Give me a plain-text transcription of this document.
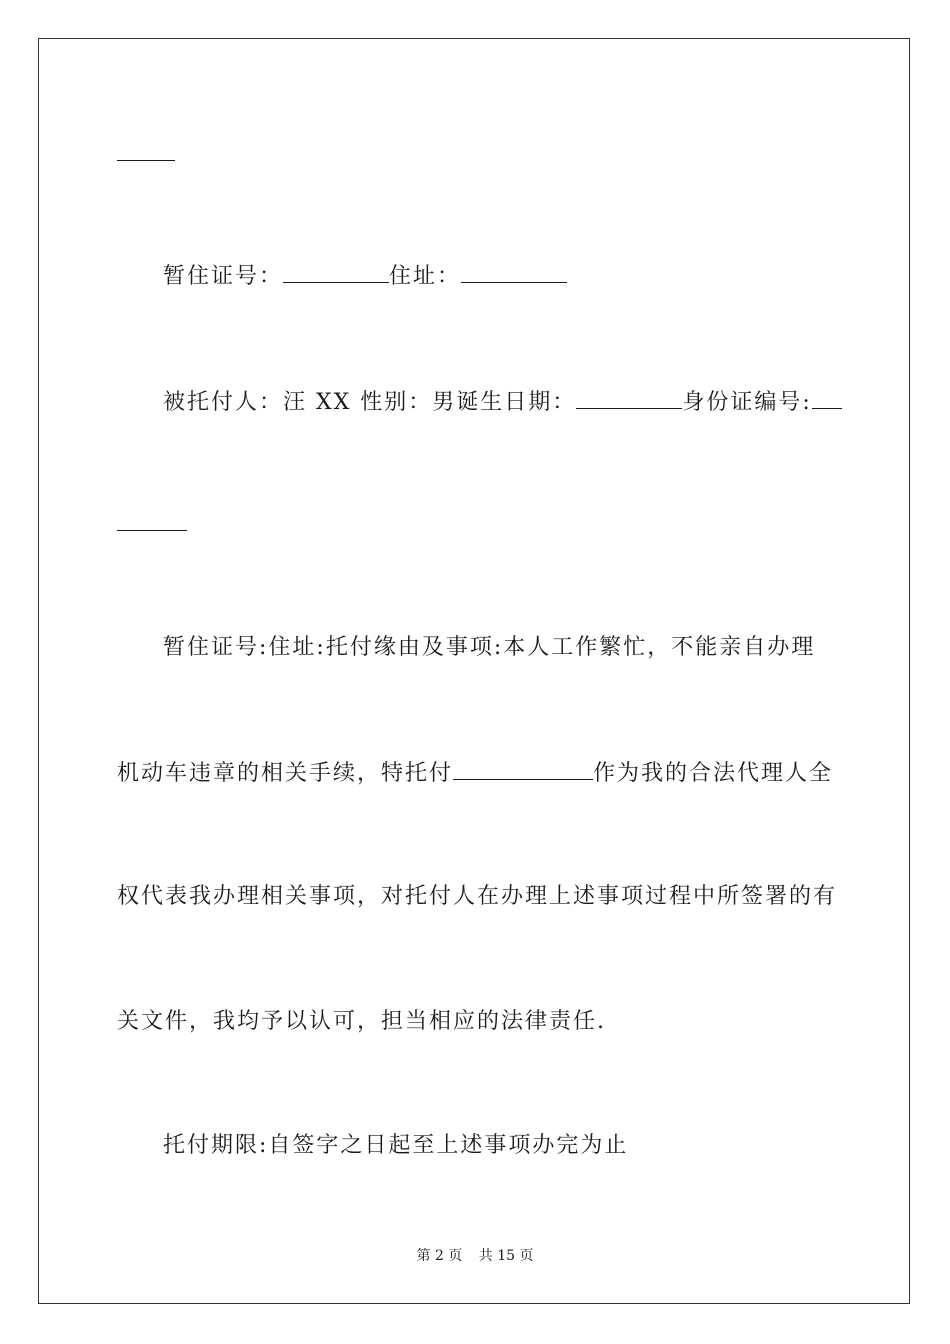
暂住证号：	住址：
被托付人：汪 XX 性别：男诞生日期：	身份证编号:
暂住证号:住址:托付缘由及事项:本人工作繁忙，不能亲自办理
机动车违章的相关手续，特托付	作为我的合法代理人全
权代表我办理相关事项，对托付人在办理上述事项过程中所签署的有
关文件，我均予以认可，担当相应的法律责任.
托付期限:自签字之日起至上述事项办完为止
第 2 页 共 15 页
